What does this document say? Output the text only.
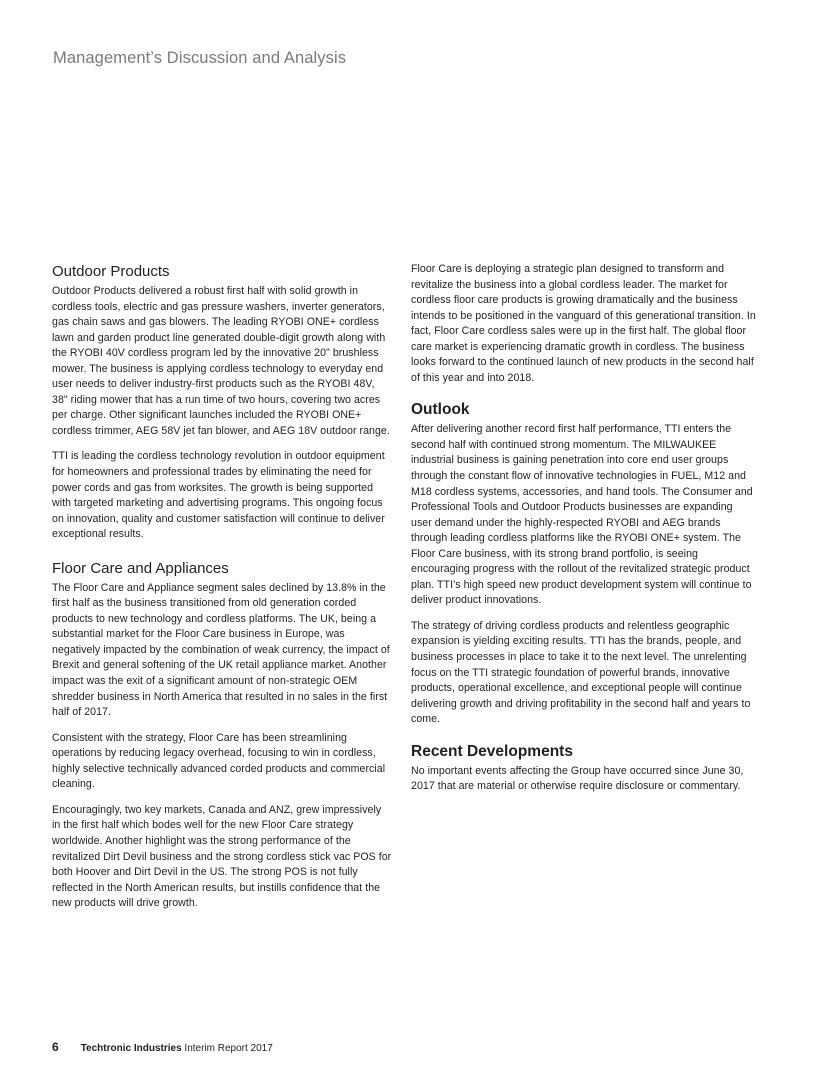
Management’s Discussion and Analysis
Outdoor Products

Outdoor Products delivered a robust first half with solid growth in cordless tools, electric and gas pressure washers, inverter generators, gas chain saws and gas blowers. The leading RYOBI ONE+ cordless lawn and garden product line generated double-digit growth along with the RYOBI 40V cordless program led by the innovative 20" brushless mower. The business is applying cordless technology to everyday end user needs to deliver industry-first products such as the RYOBI 48V, 38" riding mower that has a run time of two hours, covering two acres per charge. Other significant launches included the RYOBI ONE+ cordless trimmer, AEG 58V jet fan blower, and AEG 18V outdoor range.

TTI is leading the cordless technology revolution in outdoor equipment for homeowners and professional trades by eliminating the need for power cords and gas from worksites. The growth is being supported with targeted marketing and advertising programs. This ongoing focus on innovation, quality and customer satisfaction will continue to deliver exceptional results.

Floor Care and Appliances

The Floor Care and Appliance segment sales declined by 13.8% in the first half as the business transitioned from old generation corded products to new technology and cordless platforms. The UK, being a substantial market for the Floor Care business in Europe, was negatively impacted by the combination of weak currency, the impact of Brexit and general softening of the UK retail appliance market. Another impact was the exit of a significant amount of non-strategic OEM shredder business in North America that resulted in no sales in the first half of 2017.

Consistent with the strategy, Floor Care has been streamlining operations by reducing legacy overhead, focusing to win in cordless, highly selective technically advanced corded products and commercial cleaning.

Encouragingly, two key markets, Canada and ANZ, grew impressively in the first half which bodes well for the new Floor Care strategy worldwide. Another highlight was the strong performance of the revitalized Dirt Devil business and the strong cordless stick vac POS for both Hoover and Dirt Devil in the US. The strong POS is not fully reflected in the North American results, but instills confidence that the new products will drive growth.

Floor Care is deploying a strategic plan designed to transform and revitalize the business into a global cordless leader. The market for cordless floor care products is growing dramatically and the business intends to be positioned in the vanguard of this generational transition. In fact, Floor Care cordless sales were up in the first half. The global floor care market is experiencing dramatic growth in cordless. The business looks forward to the continued launch of new products in the second half of this year and into 2018.

Outlook

After delivering another record first half performance, TTI enters the second half with continued strong momentum. The MILWAUKEE industrial business is gaining penetration into core end user groups through the constant flow of innovative technologies in FUEL, M12 and M18 cordless systems, accessories, and hand tools. The Consumer and Professional Tools and Outdoor Products businesses are expanding user demand under the highly-respected RYOBI and AEG brands through leading cordless platforms like the RYOBI ONE+ system. The Floor Care business, with its strong brand portfolio, is seeing encouraging progress with the rollout of the revitalized strategic product plan. TTI’s high speed new product development system will continue to deliver product innovations.

The strategy of driving cordless products and relentless geographic expansion is yielding exciting results. TTI has the brands, people, and business processes in place to take it to the next level. The unrelenting focus on the TTI strategic foundation of powerful brands, innovative products, operational excellence, and exceptional people will continue delivering growth and driving profitability in the second half and years to come.

Recent Developments

No important events affecting the Group have occurred since June 30, 2017 that are material or otherwise require disclosure or commentary.

6 Techtronic Industries Interim Report 2017
